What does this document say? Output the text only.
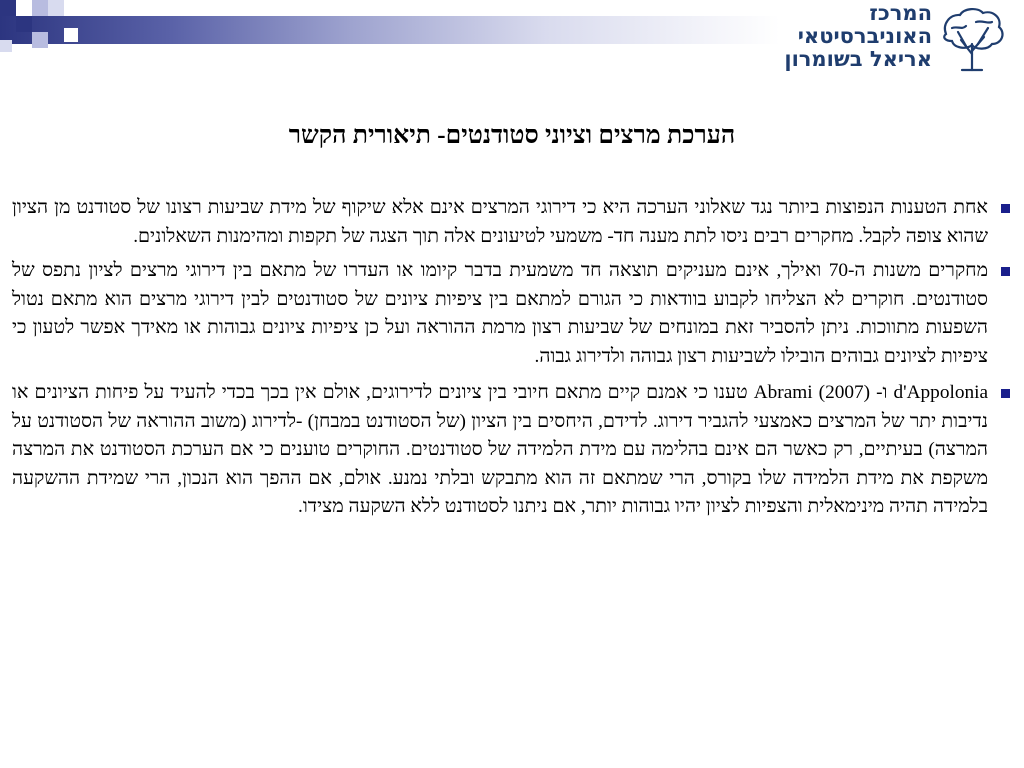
המרכז
האוניברסיטאי
אריאל בשומרון
הערכת מרצים וציוני סטודנטים- תיאורית הקשר
אחת הטענות הנפוצות ביותר נגד שאלוני הערכה היא כי דירוגי המרצים אינם אלא שיקוף של מידת שביעות רצונו של סטודנט מן הציון שהוא צופה לקבל. מחקרים רבים ניסו לתת מענה חד- משמעי לטיעונים אלה תוך הצגה של תקפות ומהימנות השאלונים.
מחקרים משנות ה-70 ואילך, אינם מעניקים תוצאה חד משמעית בדבר קיומו או העדרו של מתאם בין דירוגי מרצים לציון נתפס של סטודנטים. חוקרים לא הצליחו לקבוע בוודאות כי הגורם למתאם בין ציפיות ציונים של סטודנטים לבין דירוגי מרצים הוא מתאם נטול השפעות מתווכות. ניתן להסביר זאת במונחים של שביעות רצון מרמת ההוראה ועל כן ציפיות ציונים גבוהות או מאידך אפשר לטעון כי ציפיות לציונים גבוהים הובילו לשביעות רצון גבוהה ולדירוג גבוה.
d'Appolonia ו- Abrami (2007) טענו כי אמנם קיים מתאם חיובי בין ציונים לדירוגים, אולם אין בכך בכדי להעיד על פיחות הציונים או נדיבות יתר של המרצים כאמצעי להגביר דירוג. לדידם, היחסים בין הציון (של הסטודנט במבחן) -לדירוג (משוב ההוראה של הסטודנט על המרצה) בעיתיים, רק כאשר הם אינם בהלימה עם מידת הלמידה של סטודנטים. החוקרים טוענים כי אם הערכת הסטודנט את המרצה משקפת את מידת הלמידה שלו בקורס, הרי שמתאם זה הוא מתבקש ובלתי נמנע. אולם, אם ההפך הוא הנכון, הרי שמידת ההשקעה בלמידה תהיה מינימאלית והצפיות לציון יהיו גבוהות יותר, אם ניתנו לסטודנט ללא השקעה מצידו.
